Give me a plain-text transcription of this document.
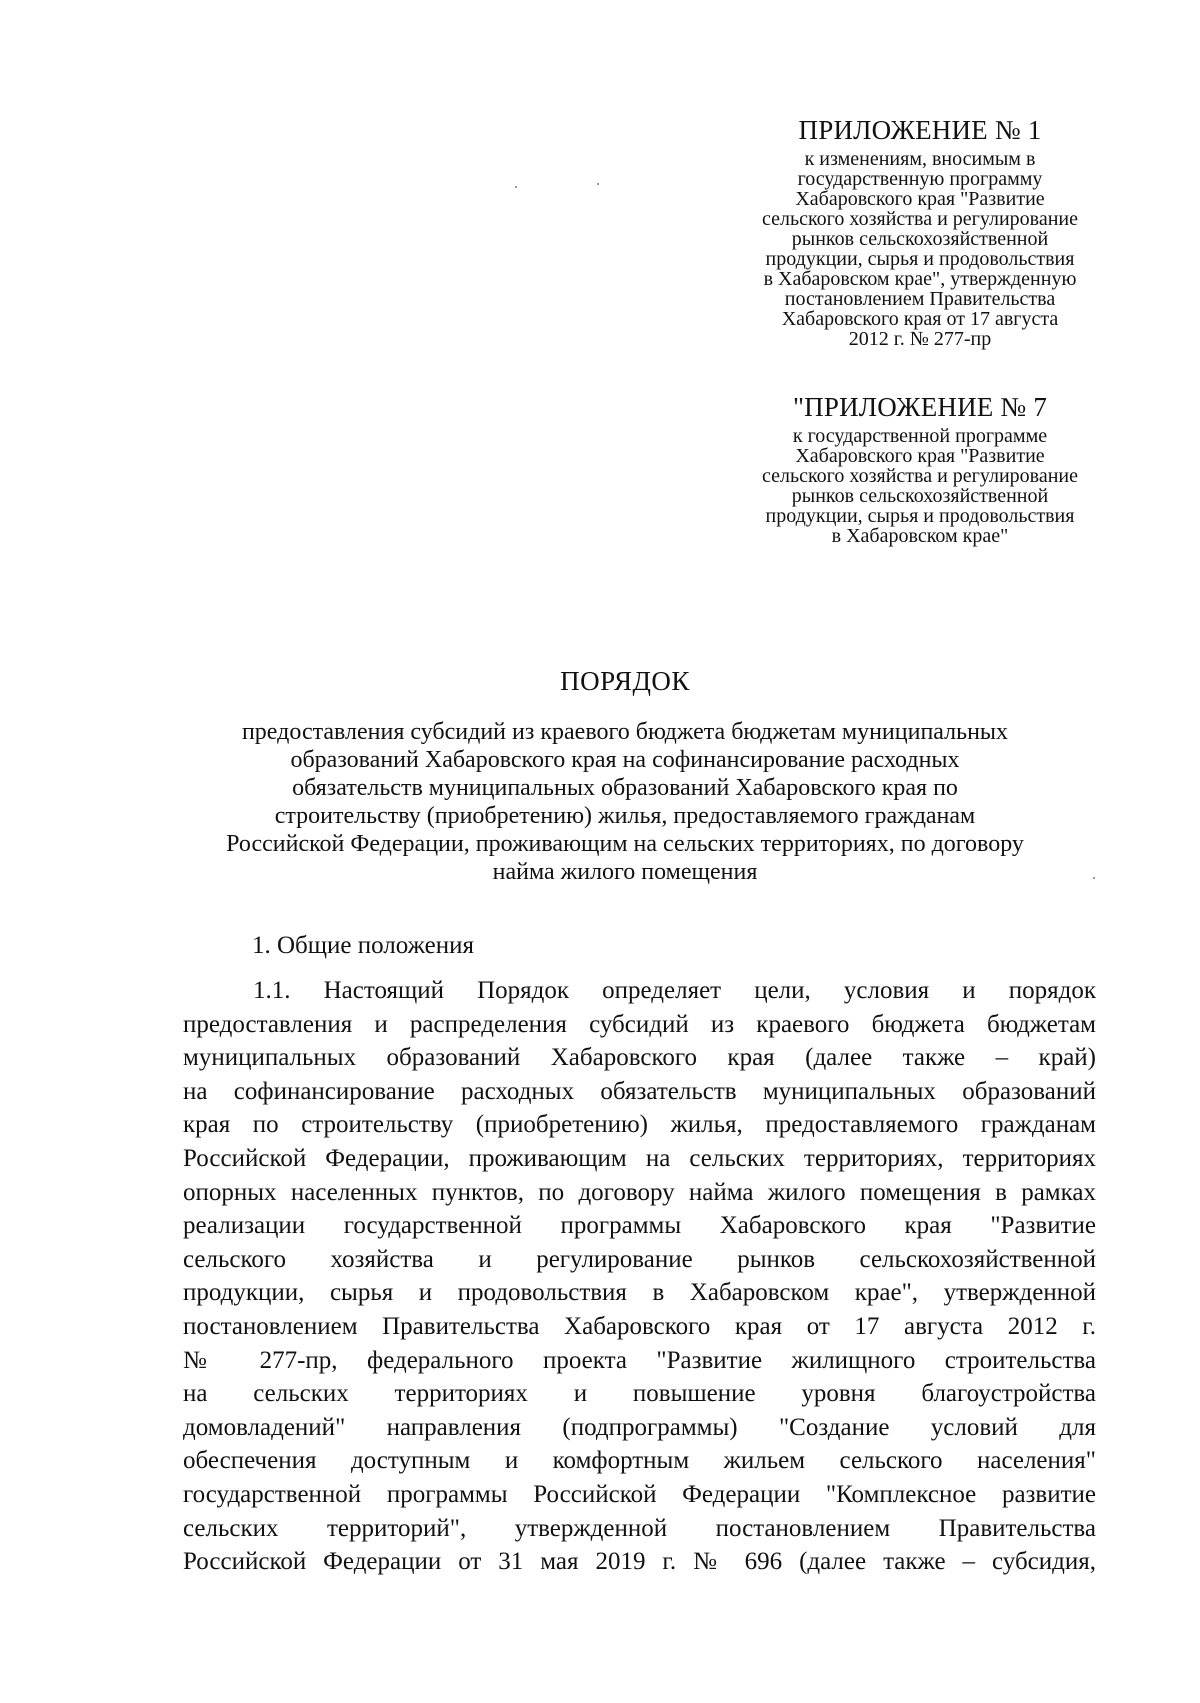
ПРИЛОЖЕНИЕ № 1
к изменениям, вносимым в
государственную программу
Хабаровского края "Развитие
сельского хозяйства и регулирование
рынков сельскохозяйственной
продукции, сырья и продовольствия
в Хабаровском крае", утвержденную
постановлением Правительства
Хабаровского края от 17 августа
2012 г. № 277-пр
"ПРИЛОЖЕНИЕ № 7
к государственной программе
Хабаровского края "Развитие
сельского хозяйства и регулирование
рынков сельскохозяйственной
продукции, сырья и продовольствия
в Хабаровском крае"
ПОРЯДОК
предоставления субсидий из краевого бюджета бюджетам муниципальных
образований Хабаровского края на софинансирование расходных
обязательств муниципальных образований Хабаровского края по
строительству (приобретению) жилья, предоставляемого гражданам
Российской Федерации, проживающим на сельских территориях, по договору
найма жилого помещения
1. Общие положения
1.1. Настоящий Порядок определяет цели, условия и порядок
предоставления и распределения субсидий из краевого бюджета бюджетам
муниципальных образований Хабаровского края (далее также – край)
на софинансирование расходных обязательств муниципальных образований
края по строительству (приобретению) жилья, предоставляемого гражданам
Российской Федерации, проживающим на сельских территориях, территориях
опорных населенных пунктов, по договору найма жилого помещения в рамках
реализации государственной программы Хабаровского края "Развитие
сельского хозяйства и регулирование рынков сельскохозяйственной
продукции, сырья и продовольствия в Хабаровском крае", утвержденной
постановлением Правительства Хабаровского края от 17 августа 2012 г.
№ 277-пр, федерального проекта "Развитие жилищного строительства
на сельских территориях и повышение уровня благоустройства
домовладений" направления (подпрограммы) "Создание условий для
обеспечения доступным и комфортным жильем сельского населения"
государственной программы Российской Федерации "Комплексное развитие
сельских территорий", утвержденной постановлением Правительства
Российской Федерации от 31 мая 2019 г. № 696 (далее также – субсидия,
